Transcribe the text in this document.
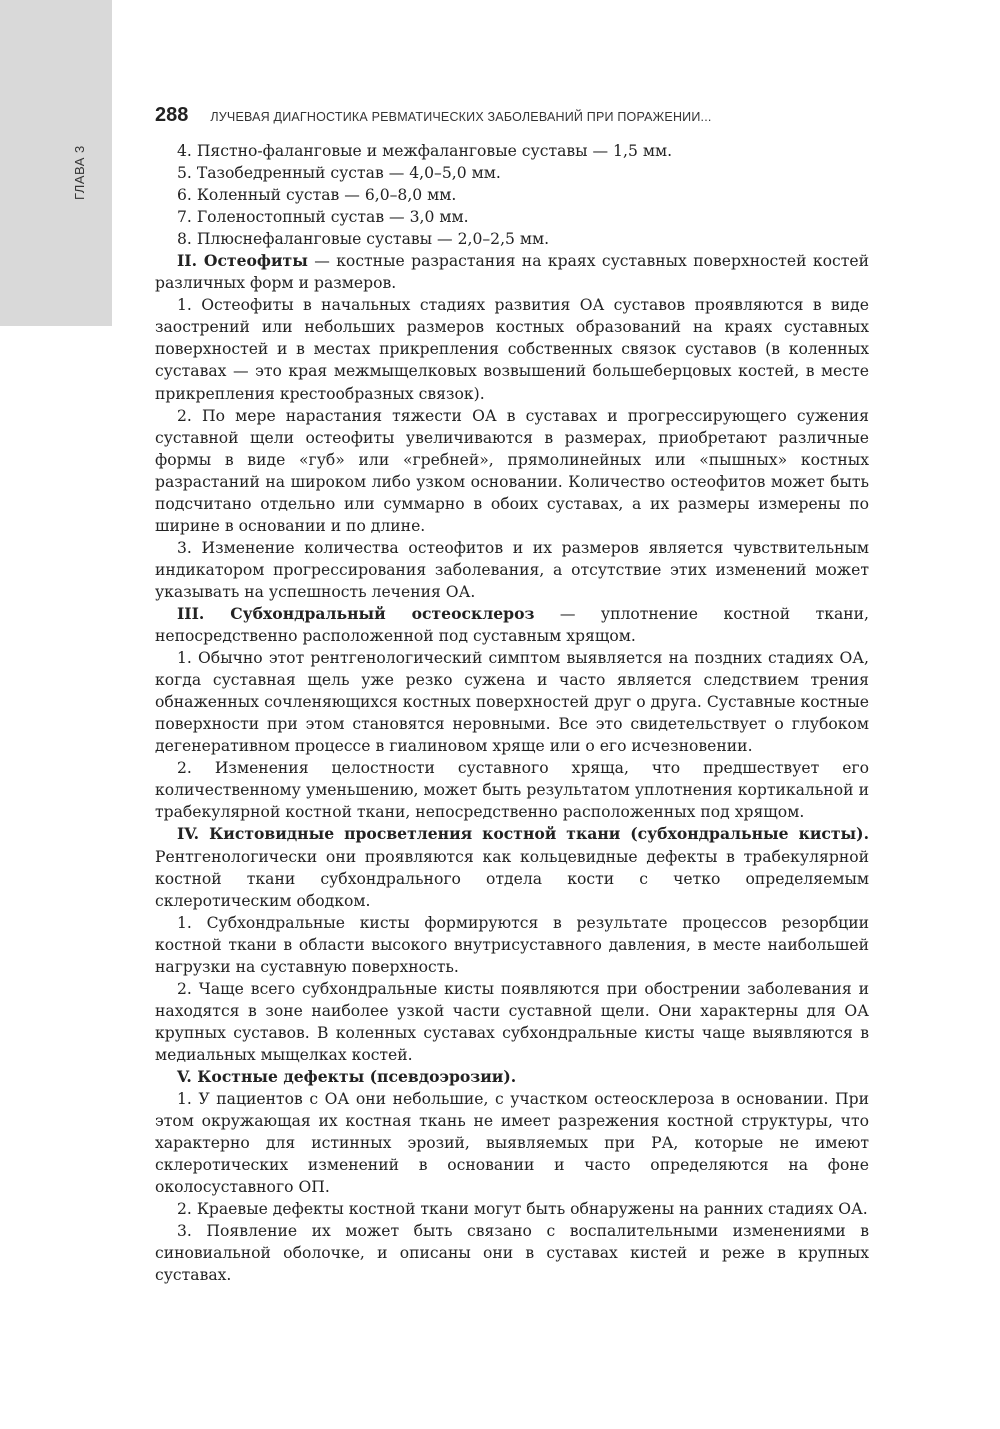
ГЛАВА 3
288 ЛУЧЕВАЯ ДИАГНОСТИКА РЕВМАТИЧЕСКИХ ЗАБОЛЕВАНИЙ ПРИ ПОРАЖЕНИИ...

4. Пястно-фаланговые и межфаланговые суставы — 1,5 мм.

5. Тазобедренный сустав — 4,0–5,0 мм.

6. Коленный сустав — 6,0–8,0 мм.

7. Голеностопный сустав — 3,0 мм.

8. Плюснефаланговые суставы — 2,0–2,5 мм.

II. Остеофиты — костные разрастания на краях суставных поверхностей костей различных форм и размеров.

1. Остеофиты в начальных стадиях развития ОА суставов проявляются в виде заострений или небольших размеров костных образований на краях суставных поверхностей и в местах прикрепления собственных связок суставов (в коленных суставах — это края межмыщелковых возвышений большеберцовых костей, в месте прикрепления крестообразных связок).

2. По мере нарастания тяжести ОА в суставах и прогрессирующего сужения суставной щели остеофиты увеличиваются в размерах, приобретают различные формы в виде «губ» или «гребней», прямолинейных или «пышных» костных разрастаний на широком либо узком основании. Количество остеофитов может быть подсчитано отдельно или суммарно в обоих суставах, а их размеры измерены по ширине в основании и по длине.

3. Изменение количества остеофитов и их размеров является чувствительным индикатором прогрессирования заболевания, а отсутствие этих изменений может указывать на успешность лечения ОА.

III. Субхондральный остеосклероз — уплотнение костной ткани, непосредственно расположенной под суставным хрящом.

1. Обычно этот рентгенологический симптом выявляется на поздних стадиях ОА, когда суставная щель уже резко сужена и часто является следствием трения обнаженных сочленяющихся костных поверхностей друг о друга. Суставные костные поверхности при этом становятся неровными. Все это свидетельствует о глубоком дегенеративном процессе в гиалиновом хряще или о его исчезновении.

2. Изменения целостности суставного хряща, что предшествует его количественному уменьшению, может быть результатом уплотнения кортикальной и трабекулярной костной ткани, непосредственно расположенных под хрящом.

IV. Кистовидные просветления костной ткани (субхондральные кисты). Рентгенологически они проявляются как кольцевидные дефекты в трабекулярной костной ткани субхондрального отдела кости с четко определяемым склеротическим ободком.

1. Субхондральные кисты формируются в результате процессов резорбции костной ткани в области высокого внутрисуставного давления, в месте наибольшей нагрузки на суставную поверхность.

2. Чаще всего субхондральные кисты появляются при обострении заболевания и находятся в зоне наиболее узкой части суставной щели. Они характерны для ОА крупных суставов. В коленных суставах субхондральные кисты чаще выявляются в медиальных мыщелках костей.

V. Костные дефекты (псевдоэрозии).

1. У пациентов с ОА они небольшие, с участком остеосклероза в основании. При этом окружающая их костная ткань не имеет разрежения костной структуры, что характерно для истинных эрозий, выявляемых при РА, которые не имеют склеротических изменений в основании и часто определяются на фоне околосуставного ОП.

2. Краевые дефекты костной ткани могут быть обнаружены на ранних стадиях ОА.

3. Появление их может быть связано с воспалительными изменениями в синовиальной оболочке, и описаны они в суставах кистей и реже в крупных суставах.
